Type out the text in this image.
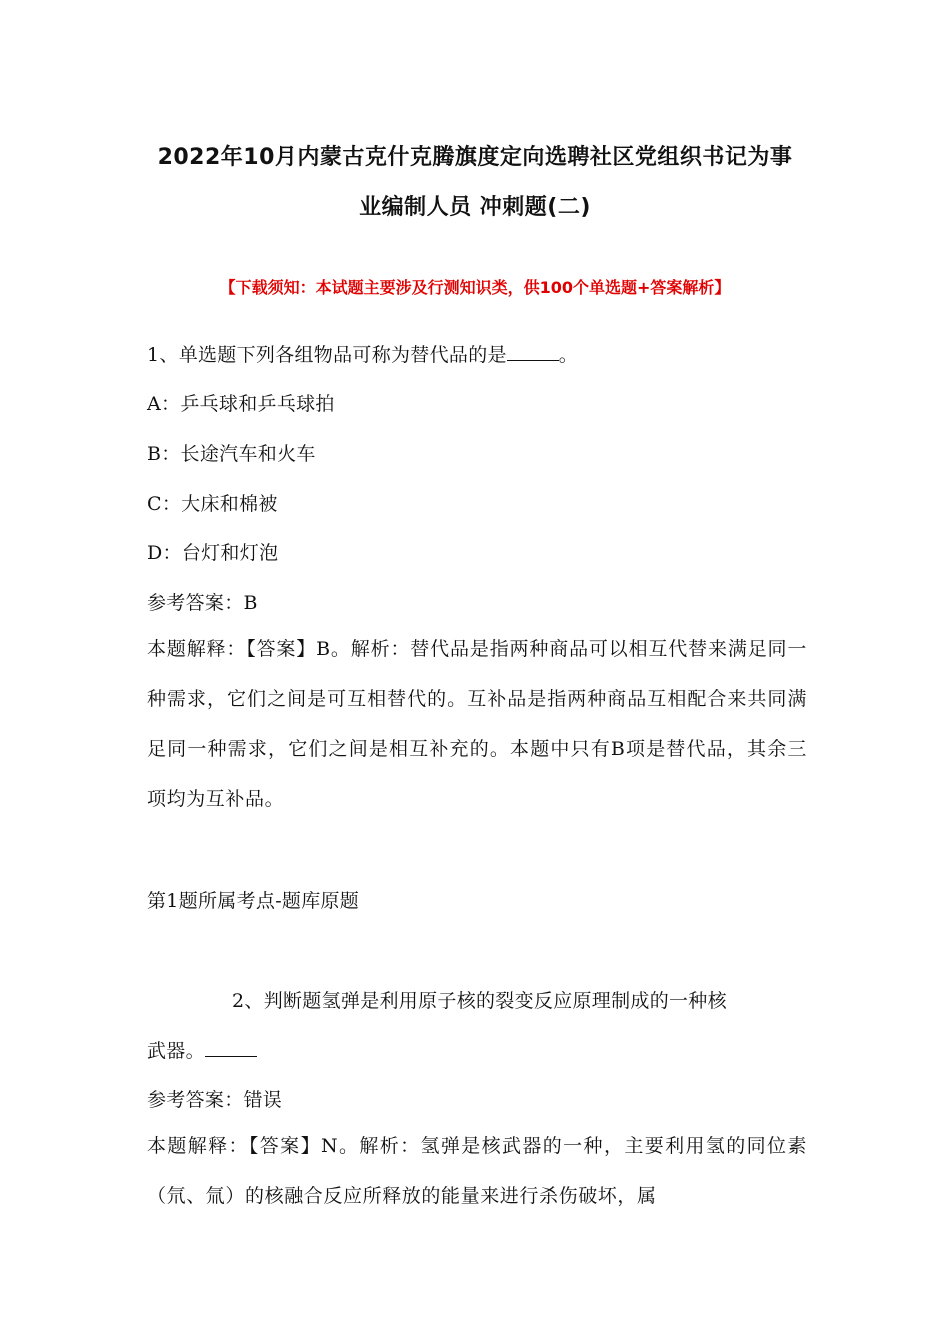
2022年10月内蒙古克什克腾旗度定向选聘社区党组织书记为事
业编制人员 冲刺题(二)
【下载须知：本试题主要涉及行测知识类，供100个单选题+答案解析】
1、单选题下列各组物品可称为替代品的是	。
A：乒乓球和乒乓球拍
B：长途汽车和火车
C：大床和棉被
D：台灯和灯泡
参考答案：B
本题解释：【答案】B。解析：替代品是指两种商品可以相互代替来满足同一种需求，它们之间是可互相替代的。互补品是指两种商品互相配合来共同满足同一种需求，它们之间是相互补充的。本题中只有B项是替代品，其余三项均为互补品。
第1题所属考点-题库原题
2、判断题氢弹是利用原子核的裂变反应原理制成的一种核
武器。
参考答案：错误
本题解释：【答案】N。解析：氢弹是核武器的一种，主要利用氢的同位素（氘、氚）的核融合反应所释放的能量来进行杀伤破坏，属
